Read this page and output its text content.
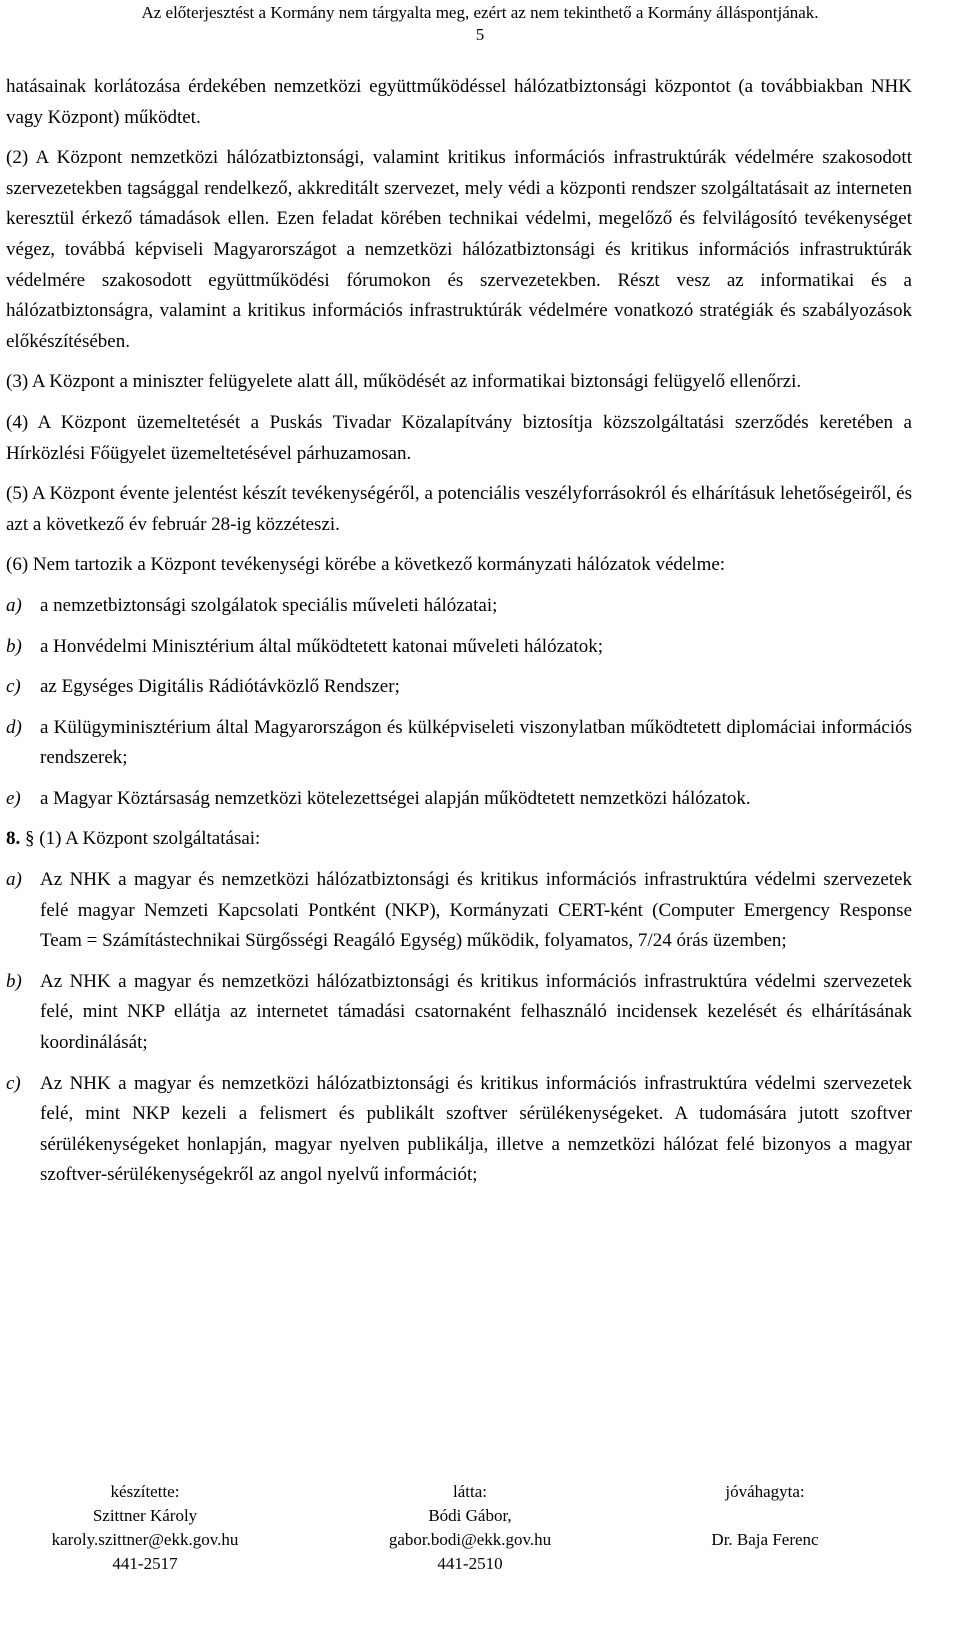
Az előterjesztést a Kormány nem tárgyalta meg, ezért az nem tekinthető a Kormány álláspontjának.
5

hatásainak korlátozása érdekében nemzetközi együttműködéssel hálózatbiztonsági központot (a továbbiakban NHK vagy Központ) működtet.

(2) A Központ nemzetközi hálózatbiztonsági, valamint kritikus információs infrastruktúrák védelmére szakosodott szervezetekben tagsággal rendelkező, akkreditált szervezet, mely védi a központi rendszer szolgáltatásait az interneten keresztül érkező támadások ellen. Ezen feladat körében technikai védelmi, megelőző és felvilágosító tevékenységet végez, továbbá képviseli Magyarországot a nemzetközi hálózatbiztonsági és kritikus információs infrastruktúrák védelmére szakosodott együttműködési fórumokon és szervezetekben. Részt vesz az informatikai és a hálózatbiztonságra, valamint a kritikus információs infrastruktúrák védelmére vonatkozó stratégiák és szabályozások előkészítésében.

(3) A Központ a miniszter felügyelete alatt áll, működését az informatikai biztonsági felügyelő ellenőrzi.

(4) A Központ üzemeltetését a Puskás Tivadar Közalapítvány biztosítja közszolgáltatási szerződés keretében a Hírközlési Főügyelet üzemeltetésével párhuzamosan.

(5) A Központ évente jelentést készít tevékenységéről, a potenciális veszélyforrásokról és elhárításuk lehetőségeiről, és azt a következő év február 28-ig közzéteszi.

(6) Nem tartozik a Központ tevékenységi körébe a következő kormányzati hálózatok védelme:

a) a nemzetbiztonsági szolgálatok speciális műveleti hálózatai;
b) a Honvédelmi Minisztérium által működtetett katonai műveleti hálózatok;
c)	az Egységes Digitális Rádiótávközlő Rendszer;
d) a Külügyminisztérium által Magyarországon és külképviseleti viszonylatban működtetett diplomáciai információs rendszerek;
e)	a Magyar Köztársaság nemzetközi kötelezettségei alapján működtetett nemzetközi hálózatok.
8. § (1) A Központ szolgáltatásai:
a) Az NHK a magyar és nemzetközi hálózatbiztonsági és kritikus információs infrastruktúra védelmi szervezetek felé magyar Nemzeti Kapcsolati Pontként (NKP), Kormányzati CERT-ként (Computer Emergency Response Team = Számítástechnikai Sürgősségi Reagáló Egység) működik, folyamatos, 7/24 órás üzemben;
b) Az NHK a magyar és nemzetközi hálózatbiztonsági és kritikus információs infrastruktúra védelmi szervezetek felé, mint NKP ellátja az internetet támadási csatornaként felhasználó incidensek kezelését és elhárításának koordinálását;
c)	Az NHK a magyar és nemzetközi hálózatbiztonsági és kritikus információs infrastruktúra védelmi szervezetek felé, mint NKP kezeli a felismert és publikált szoftver sérülékenységeket. A tudomására jutott szoftver sérülékenységeket honlapján, magyar nyelven publikálja, illetve a nemzetközi hálózat felé bizonyos a magyar szoftver-sérülékenységekről az angol nyelvű információt;
készítette:
Szittner Károly
karoly.szittner@ekk.gov.hu
441-2517
látta:
Bódi Gábor,
gabor.bodi@ekk.gov.hu
441-2510
jóváhagyta:

Dr. Baja Ferenc
